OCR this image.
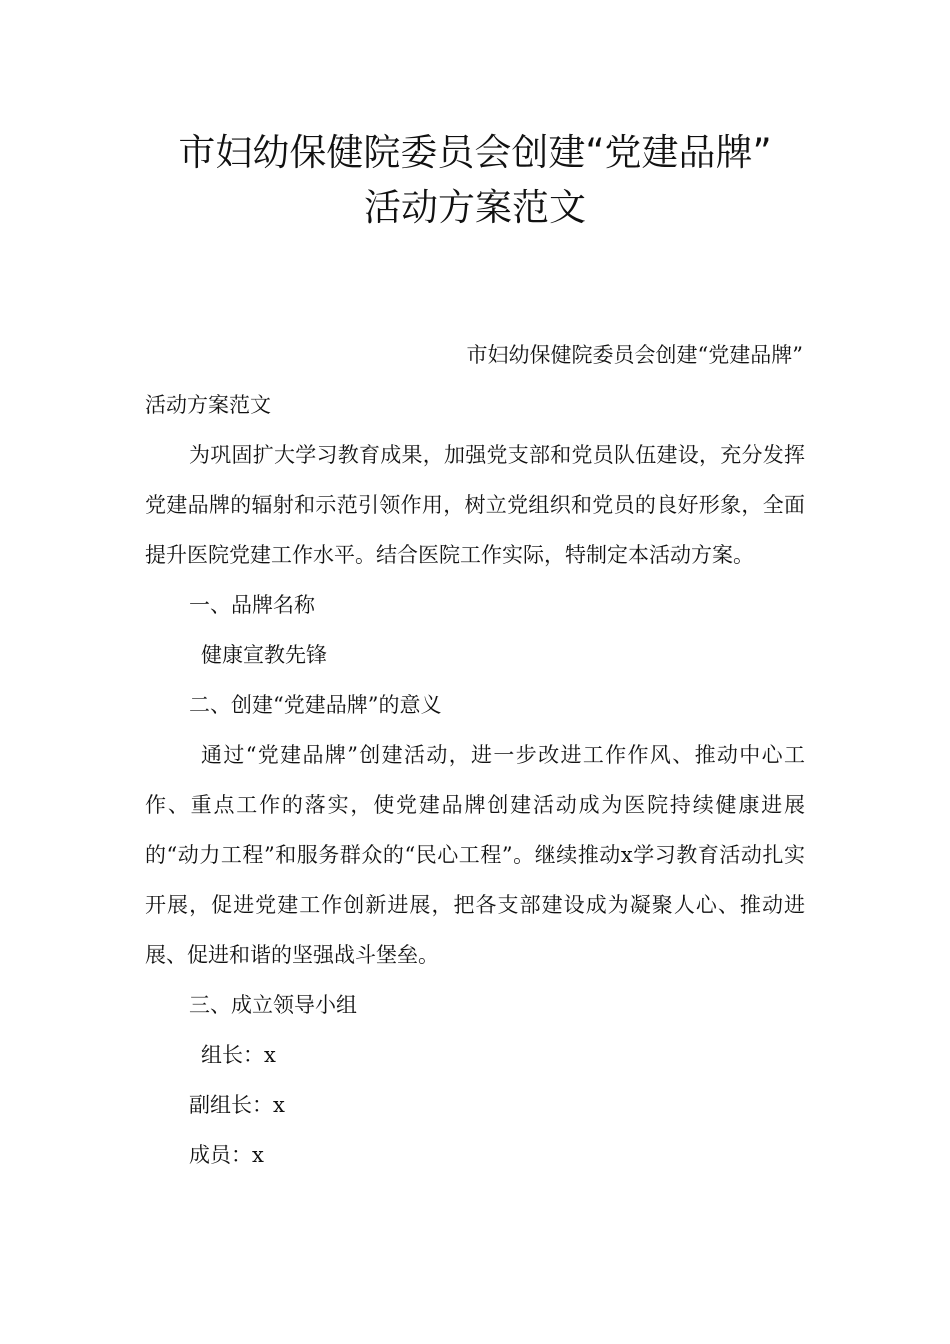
市妇幼保健院委员会创建“党建品牌”
活动方案范文

市妇幼保健院委员会创建“党建品牌”

活动方案范文

为巩固扩大学习教育成果，加强党支部和党员队伍建设，充分发挥党建品牌的辐射和示范引领作用，树立党组织和党员的良好形象，全面提升医院党建工作水平。结合医院工作实际，特制定本活动方案。

一、品牌名称

健康宣教先锋

二、创建“党建品牌”的意义

通过“党建品牌”创建活动，进一步改进工作作风、推动中心工作、重点工作的落实，使党建品牌创建活动成为医院持续健康进展的“动力工程”和服务群众的“民心工程”。继续推动x学习教育活动扎实开展，促进党建工作创新进展，把各支部建设成为凝聚人心、推动进展、促进和谐的坚强战斗堡垒。

三、成立领导小组

组长：x

副组长：x

成员：x
